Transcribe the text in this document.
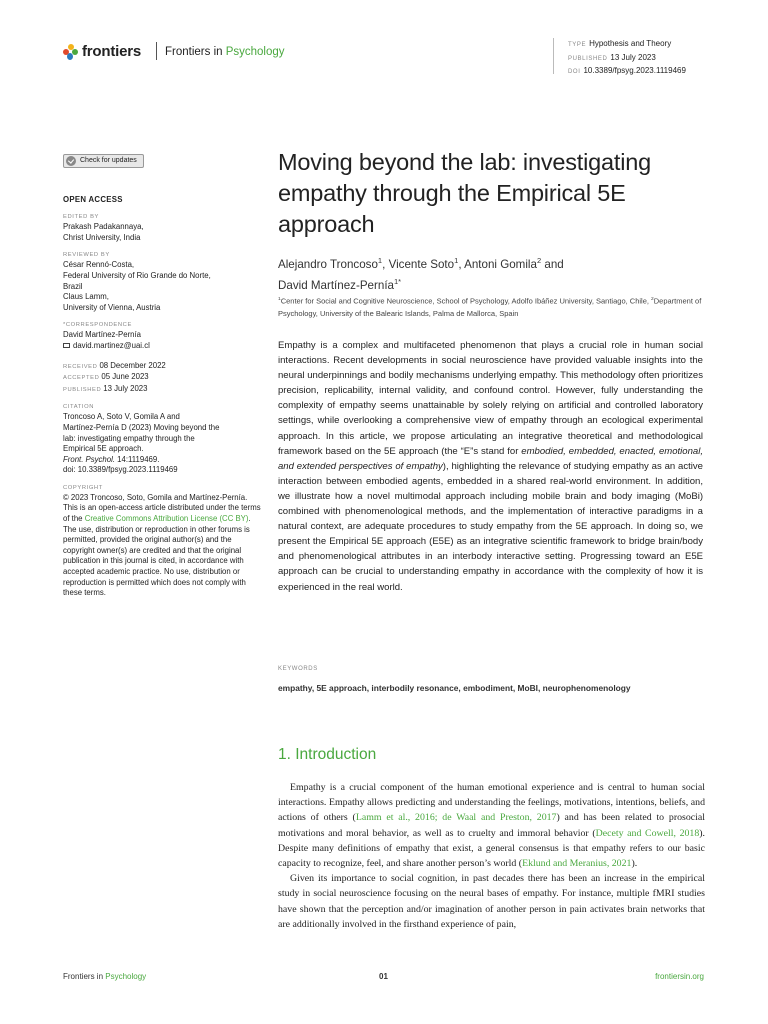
frontiers Frontiers in Psychology
TYPE Hypothesis and Theory
PUBLISHED 13 July 2023
DOI 10.3389/fpsyg.2023.1119469
Check for updates
OPEN ACCESS
EDITED BY
Prakash Padakannaya,
Christ University, India
REVIEWED BY
César Rennó-Costa,
Federal University of Rio Grande do Norte,
Brazil
Claus Lamm,
University of Vienna, Austria
*CORRESPONDENCE
David Martínez-Pernía
david.martinez@uai.cl
RECEIVED 08 December 2022
ACCEPTED 05 June 2023
PUBLISHED 13 July 2023
CITATION
Troncoso A, Soto V, Gomila A and
Martínez-Pernía D (2023) Moving beyond the
lab: investigating empathy through the
Empirical 5E approach.
Front. Psychol. 14:1119469.
doi: 10.3389/fpsyg.2023.1119469
COPYRIGHT
© 2023 Troncoso, Soto, Gomila and Martínez-Pernía. This is an open-access article distributed under the terms of the Creative Commons Attribution License (CC BY). The use, distribution or reproduction in other forums is permitted, provided the original author(s) and the copyright owner(s) are credited and that the original publication in this journal is cited, in accordance with accepted academic practice. No use, distribution or reproduction is permitted which does not comply with these terms.
Moving beyond the lab: investigating empathy through the Empirical 5E approach
Alejandro Troncoso$^1$, Vicente Soto$^1$, Antoni Gomila$^2$ and
David Martínez-Pernía$^{1*}$
$^1$Center for Social and Cognitive Neuroscience, School of Psychology, Adolfo Ibáñez University, Santiago, Chile, $^2$Department of Psychology, University of the Balearic Islands, Palma de Mallorca, Spain
Empathy is a complex and multifaceted phenomenon that plays a crucial role in human social interactions. Recent developments in social neuroscience have provided valuable insights into the neural underpinnings and bodily mechanisms underlying empathy. This methodology often prioritizes precision, replicability, internal validity, and confound control. However, fully understanding the complexity of empathy seems unattainable by solely relying on artificial and controlled laboratory settings, while overlooking a comprehensive view of empathy through an ecological experimental approach. In this article, we propose articulating an integrative theoretical and methodological framework based on the 5E approach (the “E”s stand for embodied, embedded, enacted, emotional, and extended perspectives of empathy), highlighting the relevance of studying empathy as an active interaction between embodied agents, embedded in a shared real-world environment. In addition, we illustrate how a novel multimodal approach including mobile brain and body imaging (MoBi) combined with phenomenological methods, and the implementation of interactive paradigms in a natural context, are adequate procedures to study empathy from the 5E approach. In doing so, we present the Empirical 5E approach (E5E) as an integrative scientific framework to bridge brain/body and phenomenological attributes in an interbody interactive setting. Progressing toward an E5E approach can be crucial to understanding empathy in accordance with the complexity of how it is experienced in the real world.
KEYWORDS
empathy, 5E approach, interbodily resonance, embodiment, MoBI, neurophenomenology
1. Introduction

Empathy is a crucial component of the human emotional experience and is central to human social interactions. Empathy allows predicting and understanding the feelings, motivations, intentions, beliefs, and actions of others (Lamm et al., 2016; de Waal and Preston, 2017) and has been related to prosocial motivations and moral behavior, as well as to cruelty and immoral behavior (Decety and Cowell, 2018). Despite many definitions of empathy that exist, a general consensus is that empathy refers to our basic capacity to recognize, feel, and share another person’s world (Eklund and Meranius, 2021).

Given its importance to social cognition, in past decades there has been an increase in the empirical study in social neuroscience focusing on the neural bases of empathy. For instance, multiple fMRI studies have shown that the perception and/or imagination of another person in pain activates brain networks that are additionally involved in the firsthand experience of pain,

Frontiers in Psychology	01	frontiersin.org
